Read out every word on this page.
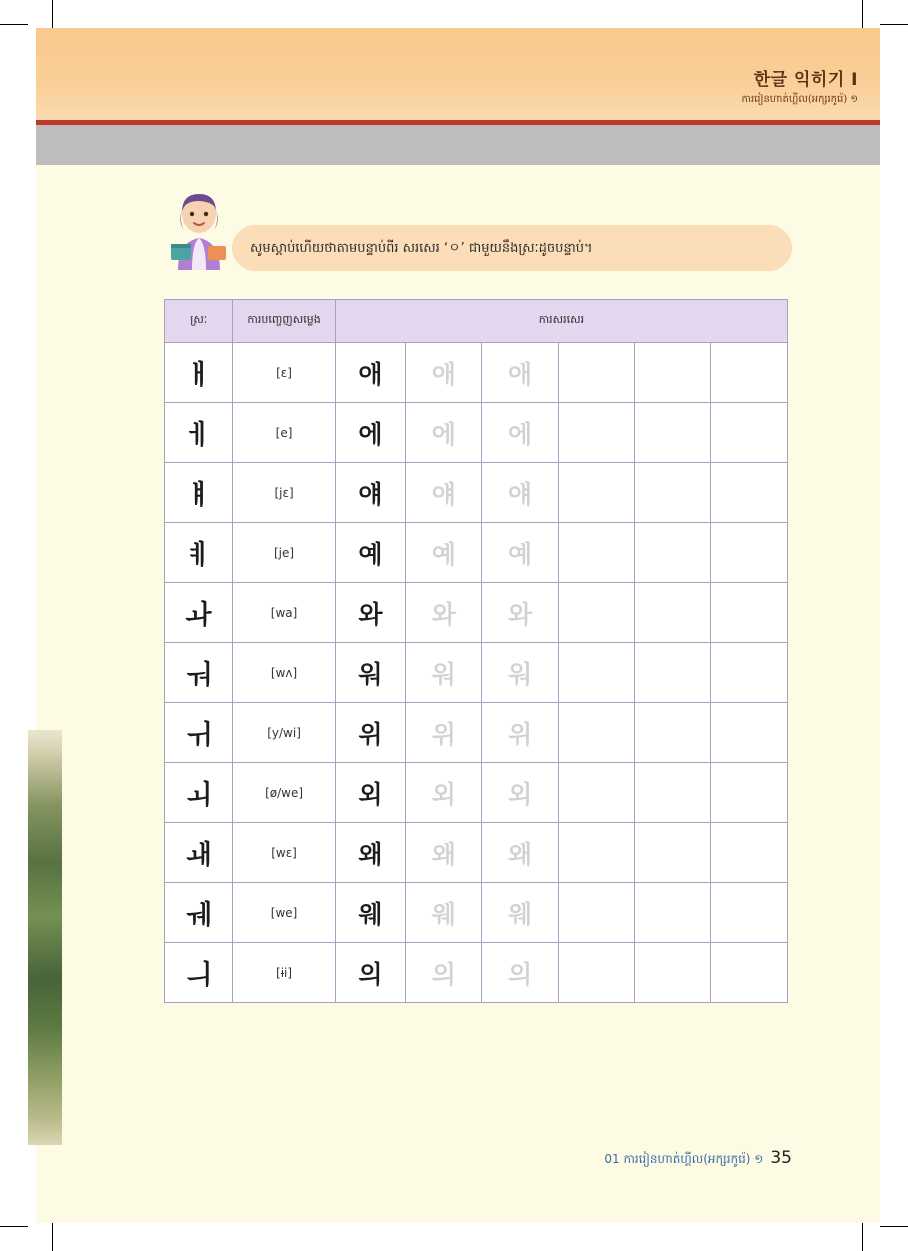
한글 익히기 I
ការរៀនហាត់ហ្គីល(អក្សរកូរ៉េ) ១
សូមស្ដាប់ហើយថាតាមបន្ទាប់ពីរ សរសេរ ‘ㅇ’ ជាមួយនឹងស្រៈដូចបន្ទាប់។
ស្រៈ	ការបញ្ចេញសម្លេង	ការសរសេរ					
ㅐ	[ɛ]	애	애	애			
ㅔ	[e]	에	에	에			
ㅒ	[jɛ]	얘	얘	얘			
ㅖ	[je]	예	예	예			
ㅘ	[wa]	와	와	와			
ㅝ	[wʌ]	워	워	워			
ㅟ	[y/wi]	위	위	위			
ㅚ	[ø/we]	외	외	외			
ㅙ	[wɛ]	왜	왜	왜			
ㅞ	[we]	웨	웨	웨			
ㅢ	[ɨi]	의	의	의			
01 ការរៀនហាត់ហ្គីល(អក្សរកូរ៉េ) ១ 35
